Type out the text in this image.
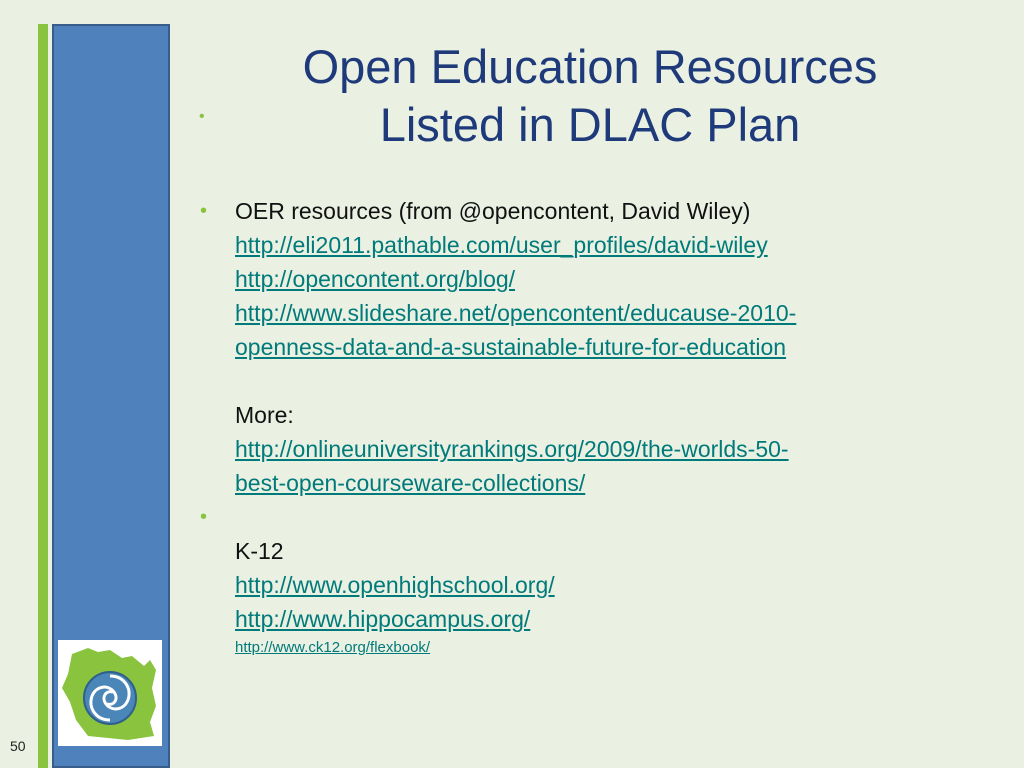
50
•
Open Education Resources
Listed in DLAC Plan
• OER resources (from @opencontent, David Wiley)
http://eli2011.pathable.com/user_profiles/david-wiley
http://opencontent.org/blog/
http://www.slideshare.net/opencontent/educause-2010-
openness-data-and-a-sustainable-future-for-education
More:
http://onlineuniversityrankings.org/2009/the-worlds-50-
best-open-courseware-collections/
•
K-12
http://www.openhighschool.org/
http://www.hippocampus.org/
http://www.ck12.org/flexbook/
